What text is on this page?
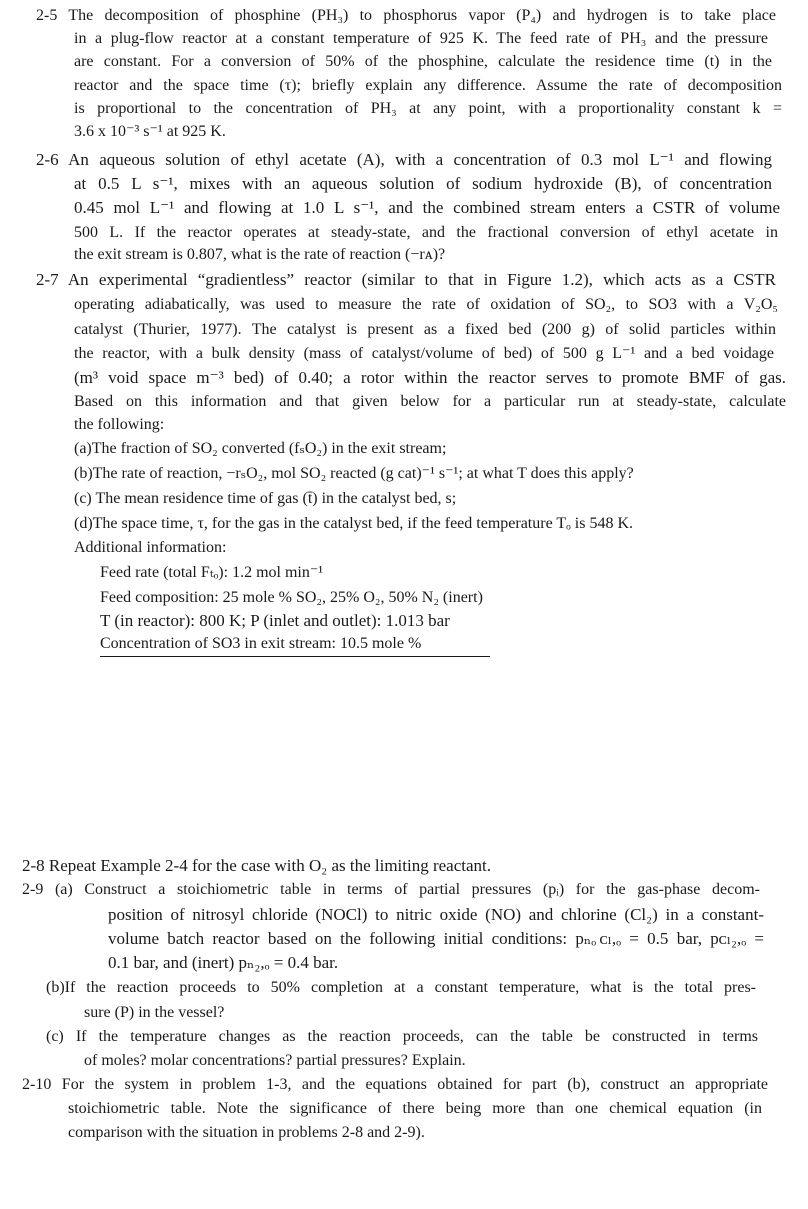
2-5 The decomposition of phosphine (PH₃) to phosphorus vapor (P₄) and hydrogen is to take place
in a plug-flow reactor at a constant temperature of 925 K. The feed rate of PH₃ and the pressure
are constant. For a conversion of 50% of the phosphine, calculate the residence time (t) in the
reactor and the space time (τ); briefly explain any difference. Assume the rate of decomposition
is proportional to the concentration of PH₃ at any point, with a proportionality constant k =
3.6 x 10⁻³ s⁻¹ at 925 K.
2-6 An aqueous solution of ethyl acetate (A), with a concentration of 0.3 mol L⁻¹ and flowing
at 0.5 L s⁻¹, mixes with an aqueous solution of sodium hydroxide (B), of concentration
0.45 mol L⁻¹ and flowing at 1.0 L s⁻¹, and the combined stream enters a CSTR of volume
500 L. If the reactor operates at steady-state, and the fractional conversion of ethyl acetate in
the exit stream is 0.807, what is the rate of reaction (−rᴀ)?
2-7 An experimental “gradientless” reactor (similar to that in Figure 1.2), which acts as a CSTR
operating adiabatically, was used to measure the rate of oxidation of SO₂, to SO3 with a V₂O₅
catalyst (Thurier, 1977). The catalyst is present as a fixed bed (200 g) of solid particles within
the reactor, with a bulk density (mass of catalyst/volume of bed) of 500 g L⁻¹ and a bed voidage
(m³ void space m⁻³ bed) of 0.40; a rotor within the reactor serves to promote BMF of gas.
Based on this information and that given below for a particular run at steady-state, calculate
the following:
(a)The fraction of SO₂ converted (fₛO₂) in the exit stream;
(b)The rate of reaction, −rₛO₂, mol SO₂ reacted (g cat)⁻¹ s⁻¹; at what T does this apply?
(c) The mean residence time of gas (t̄) in the catalyst bed, s;
(d)The space time, τ, for the gas in the catalyst bed, if the feed temperature Tₒ is 548 K.
Additional information:
Feed rate (total Fₜₒ): 1.2 mol min⁻¹
Feed composition: 25 mole % SO₂, 25% O₂, 50% N₂ (inert)
T (in reactor): 800 K; P (inlet and outlet): 1.013 bar
Concentration of SO3 in exit stream: 10.5 mole %
2-8 Repeat Example 2-4 for the case with O₂ as the limiting reactant.
2-9 (a) Construct a stoichiometric table in terms of partial pressures (pᵢ) for the gas-phase decom-
position of nitrosyl chloride (NOCl) to nitric oxide (NO) and chlorine (Cl₂) in a constant-
volume batch reactor based on the following initial conditions: pₙₒ ᴄₗ,ₒ = 0.5 bar, pᴄₗ₂,ₒ =
0.1 bar, and (inert) pₙ₂,ₒ = 0.4 bar.
(b)If the reaction proceeds to 50% completion at a constant temperature, what is the total pres-
sure (P) in the vessel?
(c) If the temperature changes as the reaction proceeds, can the table be constructed in terms
of moles? molar concentrations? partial pressures? Explain.
2-10 For the system in problem 1-3, and the equations obtained for part (b), construct an appropriate
stoichiometric table. Note the significance of there being more than one chemical equation (in
comparison with the situation in problems 2-8 and 2-9).
